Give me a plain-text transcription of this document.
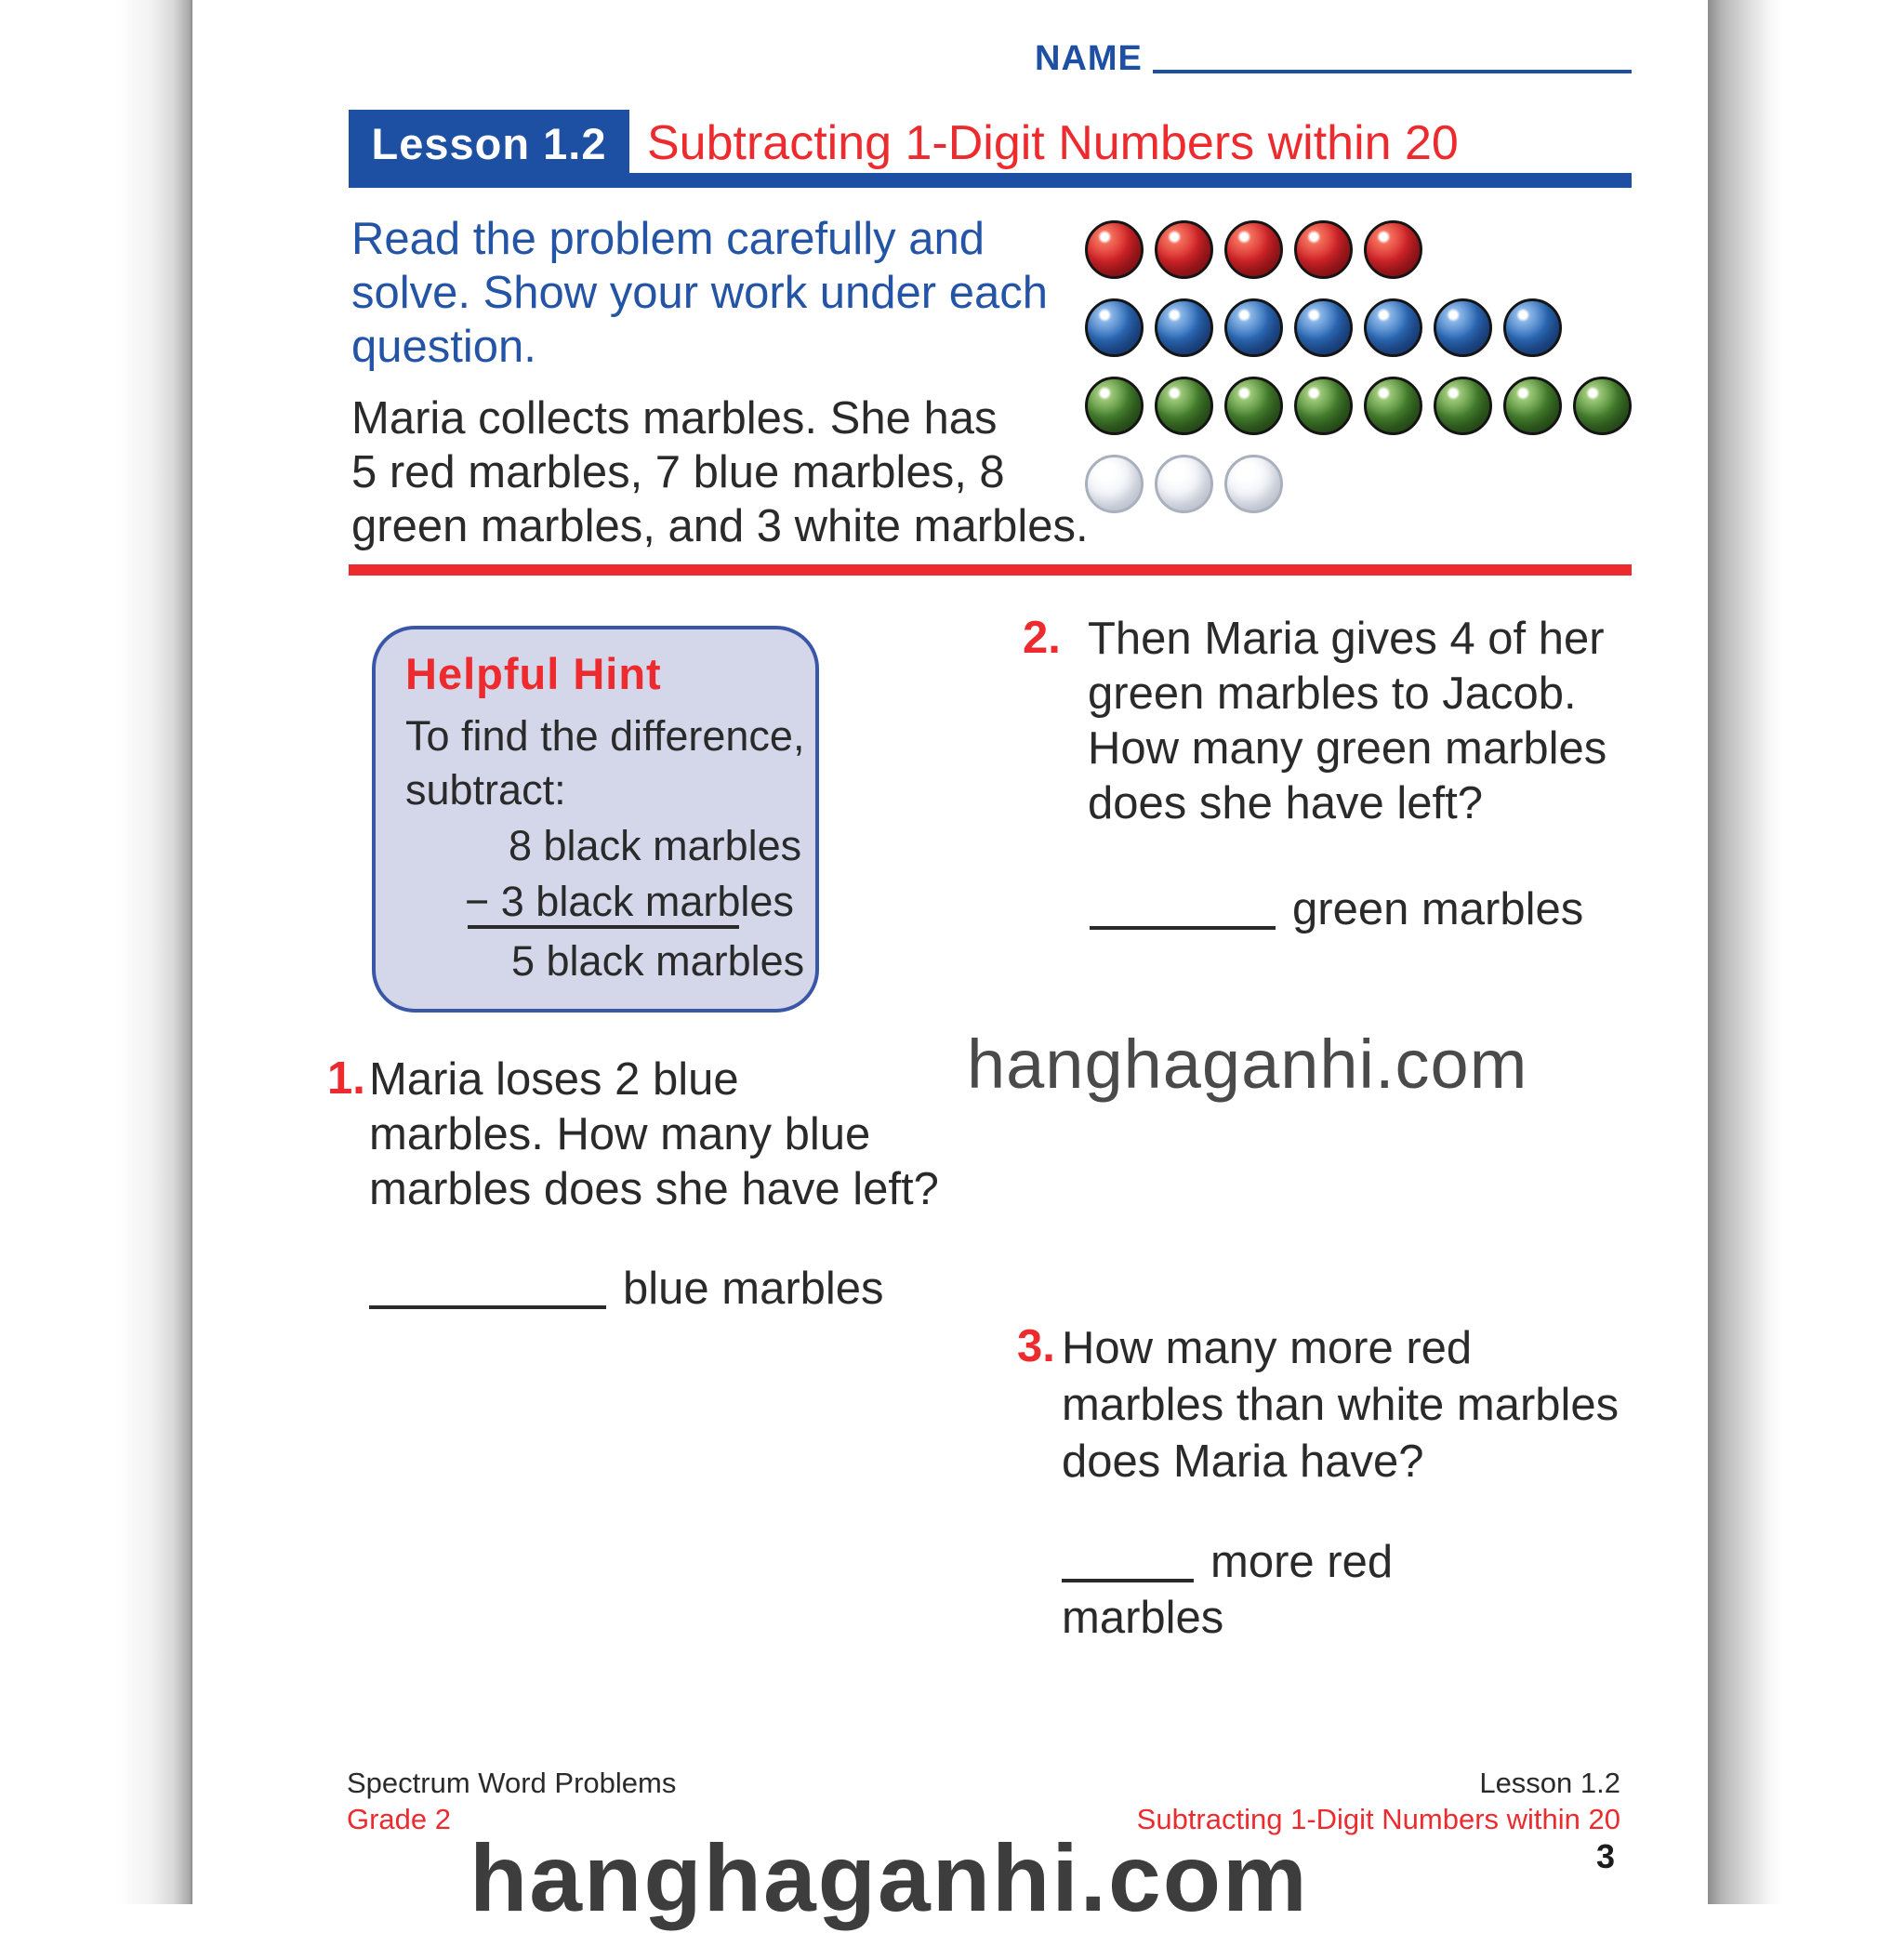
NAME
Lesson 1.2 Subtracting 1-Digit Numbers within 20
Read the problem carefully and
solve. Show your work under each
question.
Maria collects marbles. She has
5 red marbles, 7 blue marbles, 8
green marbles, and 3 white marbles.
Helpful Hint
To find the difference,
subtract:
8 black marbles
− 3 black marbles
5 black marbles
1. Maria loses 2 blue
marbles. How many blue
marbles does she have left?
blue marbles
2. Then Maria gives 4 of her
green marbles to Jacob.
How many green marbles
does she have left?
green marbles
3. How many more red
marbles than white marbles
does Maria have?
more red
marbles
hanghaganhi.com
hanghaganhi.com
Spectrum Word Problems
Grade 2
Lesson 1.2
Subtracting 1-Digit Numbers within 20
3
